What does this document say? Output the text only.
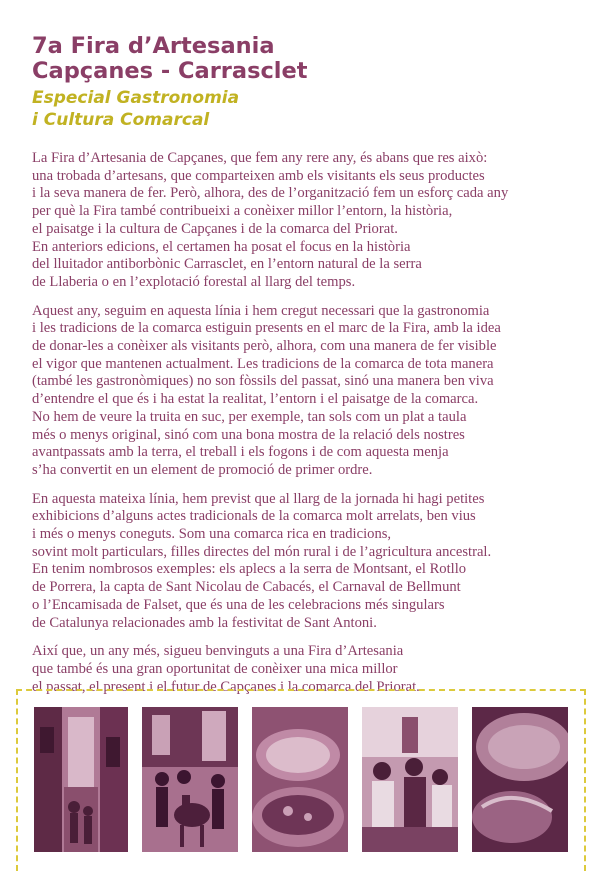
7a Fira d’Artesania
Capçanes - Carrasclet
Especial Gastronomia
i Cultura Comarcal

La Fira d’Artesania de Capçanes, que fem any rere any, és abans que res això:
una trobada d’artesans, que comparteixen amb els visitants els seus productes
i la seva manera de fer. Però, alhora, des de l’organització fem un esforç cada any
per què la Fira també contribueixi a conèixer millor l’entorn, la història,
el paisatge i la cultura de Capçanes i de la comarca del Priorat.
En anteriors edicions, el certamen ha posat el focus en la història
del lluitador antiborbònic Carrasclet, en l’entorn natural de la serra
de Llaberia o en l’explotació forestal al llarg del temps.

Aquest any, seguim en aquesta línia i hem cregut necessari que la gastronomia
i les tradicions de la comarca estiguin presents en el marc de la Fira, amb la idea
de donar-les a conèixer als visitants però, alhora, com una manera de fer visible
el vigor que mantenen actualment. Les tradicions de la comarca de tota manera
(també les gastronòmiques) no son fòssils del passat, sinó una manera ben viva
d’entendre el que és i ha estat la realitat, l’entorn i el paisatge de la comarca.
No hem de veure la truita en suc, per exemple, tan sols com un plat a taula
més o menys original, sinó com una bona mostra de la relació dels nostres
avantpassats amb la terra, el treball i els fogons i de com aquesta menja
s’ha convertit en un element de promoció de primer ordre.

En aquesta mateixa línia, hem previst que al llarg de la jornada hi hagi petites
exhibicions d’alguns actes tradicionals de la comarca molt arrelats, ben vius
i més o menys coneguts. Som una comarca rica en tradicions,
sovint molt particulars, filles directes del món rural i de l’agricultura ancestral.
En tenim nombrosos exemples: els aplecs a la serra de Montsant, el Rotllo
de Porrera, la capta de Sant Nicolau de Cabacés, el Carnaval de Bellmunt
o l’Encamisada de Falset, que és una de les celebracions més singulars
de Catalunya relacionades amb la festivitat de Sant Antoni.

Així que, un any més, sigueu benvinguts a una Fira d’Artesania
que també és una gran oportunitat de conèixer una mica millor
el passat, el present i el futur de Capçanes i la comarca del Priorat.
